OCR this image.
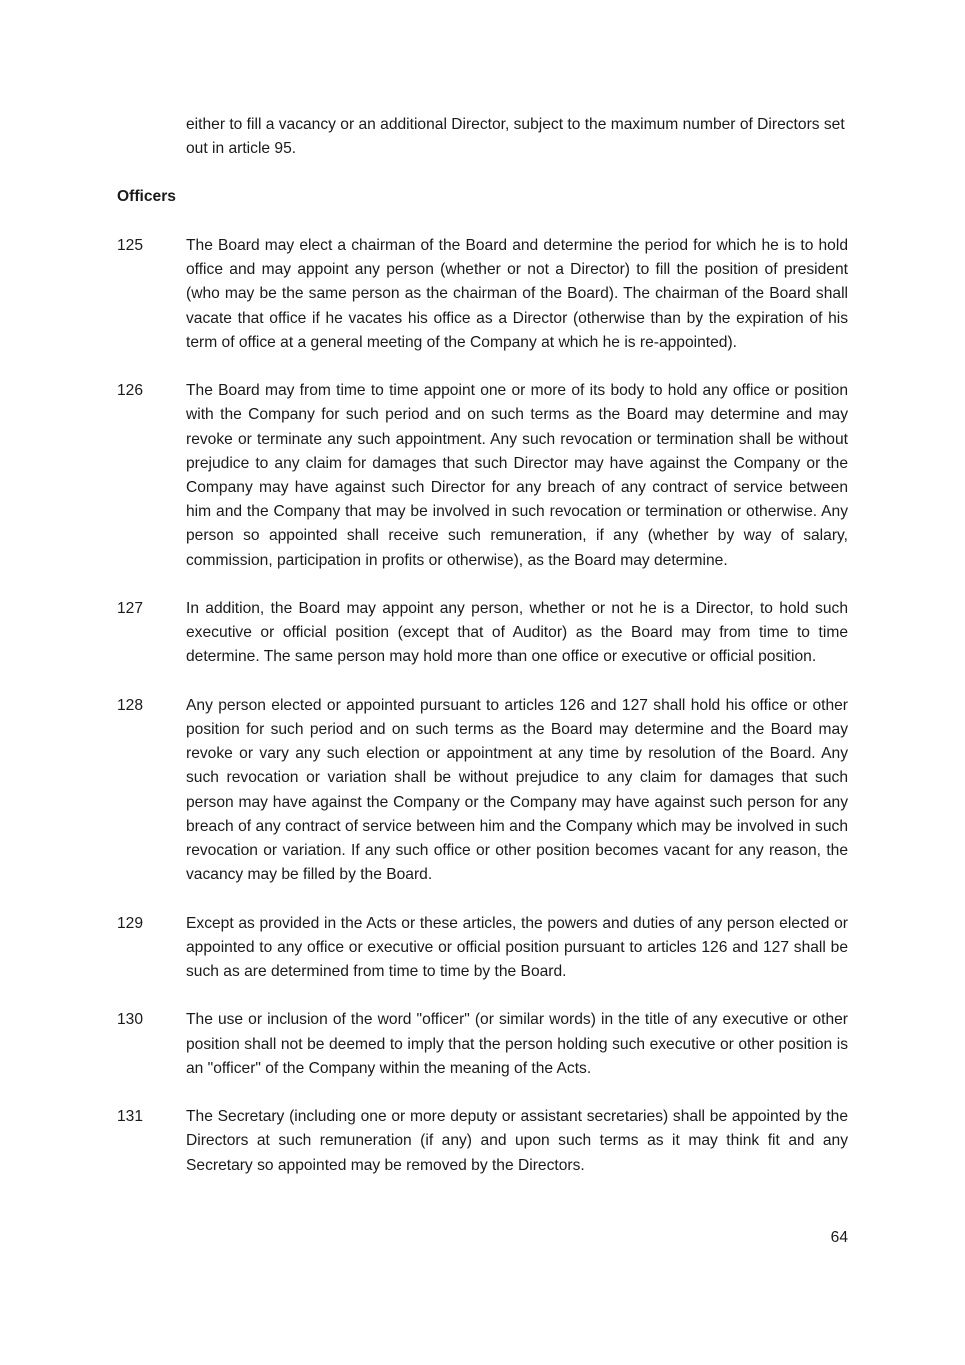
either to fill a vacancy or an additional Director, subject to the maximum number of Directors set out in article 95.

Officers
125	The Board may elect a chairman of the Board and determine the period for which he is to hold office and may appoint any person (whether or not a Director) to fill the position of president (who may be the same person as the chairman of the Board). The chairman of the Board shall vacate that office if he vacates his office as a Director (otherwise than by the expiration of his term of office at a general meeting of the Company at which he is re-appointed).

126	The Board may from time to time appoint one or more of its body to hold any office or position with the Company for such period and on such terms as the Board may determine and may revoke or terminate any such appointment. Any such revocation or termination shall be without prejudice to any claim for damages that such Director may have against the Company or the Company may have against such Director for any breach of any contract of service between him and the Company that may be involved in such revocation or termination or otherwise. Any person so appointed shall receive such remuneration, if any (whether by way of salary, commission, participation in profits or otherwise), as the Board may determine.

127	In addition, the Board may appoint any person, whether or not he is a Director, to hold such executive or official position (except that of Auditor) as the Board may from time to time determine. The same person may hold more than one office or executive or official position.

128	Any person elected or appointed pursuant to articles 126 and 127 shall hold his office or other position for such period and on such terms as the Board may determine and the Board may revoke or vary any such election or appointment at any time by resolution of the Board. Any such revocation or variation shall be without prejudice to any claim for damages that such person may have against the Company or the Company may have against such person for any breach of any contract of service between him and the Company which may be involved in such revocation or variation. If any such office or other position becomes vacant for any reason, the vacancy may be filled by the Board.

129	Except as provided in the Acts or these articles, the powers and duties of any person elected or appointed to any office or executive or official position pursuant to articles 126 and 127 shall be such as are determined from time to time by the Board.

130	The use or inclusion of the word "officer" (or similar words) in the title of any executive or other position shall not be deemed to imply that the person holding such executive or other position is an "officer" of the Company within the meaning of the Acts.

131	The Secretary (including one or more deputy or assistant secretaries) shall be appointed by the Directors at such remuneration (if any) and upon such terms as it may think fit and any Secretary so appointed may be removed by the Directors.

64
